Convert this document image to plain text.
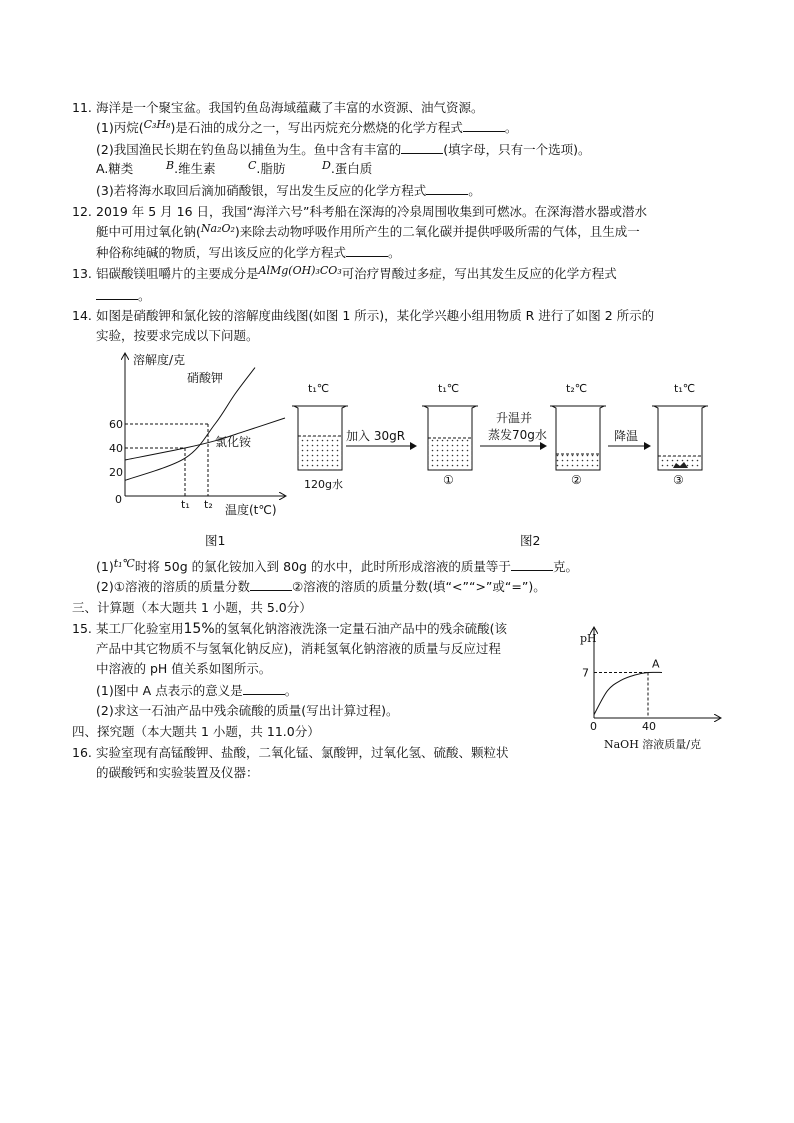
11. 海洋是一个聚宝盆。我国钓鱼岛海域蕴藏了丰富的水资源、油气资源。
(1)丙烷(C₃H₈)是石油的成分之一，写出丙烷充分燃烧的化学方程式	。
(2)我国渔民长期在钓鱼岛以捕鱼为生。鱼中含有丰富的	(填字母，只有一个选项)。
A.糖类	B.维生素	C.脂肪	D.蛋白质
(3)若将海水取回后滴加硝酸银，写出发生反应的化学方程式	。
12. 2019 年 5 月 16 日，我国“海洋六号”科考船在深海的冷泉周围收集到可燃冰。在深海潜水器或潜水
艇中可用过氧化钠(Na₂O₂)来除去动物呼吸作用所产生的二氧化碳并提供呼吸所需的气体，且生成一
种俗称纯碱的物质，写出该反应的化学方程式	。
13. 铝碳酸镁咀嚼片的主要成分是AlMg(OH)₃CO₃可治疗胃酸过多症，写出其发生反应的化学方程式
。
14. 如图是硝酸钾和氯化铵的溶解度曲线图(如图 1 所示)，某化学兴趣小组用物质 R 进行了如图 2 所示的
实验，按要求完成以下问题。
20
40
60
t₁ t₂
溶解度/克
硝酸钾
氯化铵
0
温度(t℃)
t₁℃
120g水
加入 30gR
t₁℃
①
升温并
蒸发70g水
t₂℃
②
降温
t₁℃
③
图1	图2
(1)t₁℃时将 50g 的氯化铵加入到 80g 的水中，此时所形成溶液的质量等于	克。
(2)①溶液的溶质的质量分数	②溶液的溶质的质量分数(填“<”“>”或“=”)。
三、计算题（本大题共 1 小题，共 5.0分）
15. 某工厂化验室用15%的氢氧化钠溶液洗涤一定量石油产品中的残余硫酸(该
产品中其它物质不与氢氧化钠反应)，消耗氢氧化钠溶液的质量与反应过程
中溶液的 pH 值关系如图所示。
(1)图中 A 点表示的意义是	。
(2)求这一石油产品中残余硫酸的质量(写出计算过程)。
pH
0
7
40
A
NaOH 溶液质量/克
四、探究题（本大题共 1 小题，共 11.0分）
16. 实验室现有高锰酸钾、盐酸，二氧化锰、氯酸钾，过氧化氢、硫酸、颗粒状
的碳酸钙和实验装置及仪器：
